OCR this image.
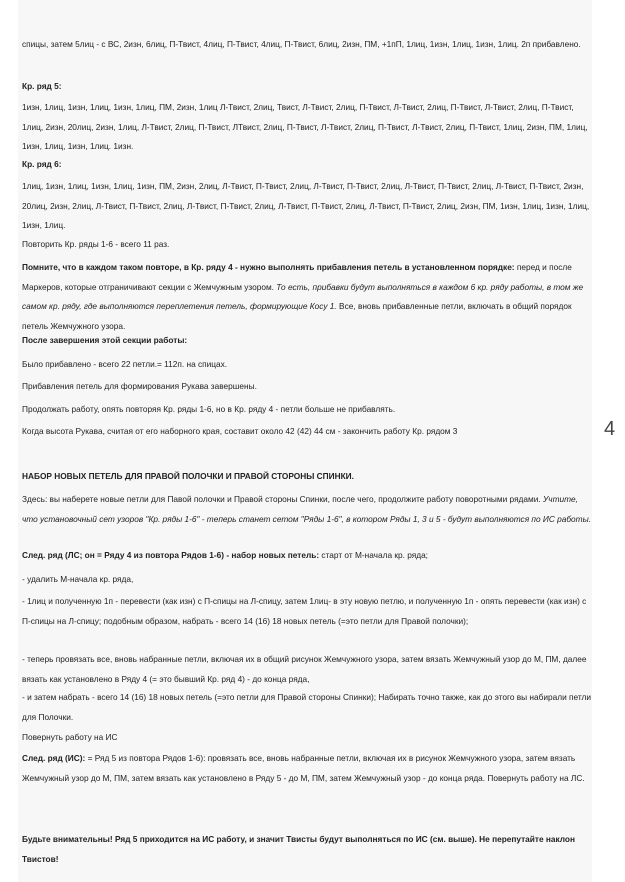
спицы, затем 5лиц - с ВС, 2изн, 6лиц, П-Твист, 4лиц, П-Твист, 4лиц, П-Твист, 6лиц, 2изн, ПМ, +1пП, 1лиц, 1изн, 1лиц, 1изн, 1лиц. 2п прибавлено.

Кр. ряд 5:

1изн, 1лиц, 1изн, 1лиц, 1изн, 1лиц, ПМ, 2изн, 1лиц Л-Твист, 2лиц, Твист, Л-Твист, 2лиц, П-Твист, Л-Твист, 2лиц, П-Твист, Л-Твист, 2лиц, П-Твист, 1лиц, 2изн, 20лиц, 2изн, 1лиц, Л-Твист, 2лиц, П-Твист, ЛТвист, 2лиц, П-Твист, Л-Твист, 2лиц, П-Твист, Л-Твист, 2лиц, П-Твист, 1лиц, 2изн, ПМ, 1лиц, 1изн, 1лиц, 1изн, 1лиц. 1изн.

Кр. ряд 6:

1лиц, 1изн, 1лиц, 1изн, 1лиц, 1изн, ПМ, 2изн, 2лиц, Л-Твист, П-Твист, 2лиц, Л-Твист, П-Твист, 2лиц, Л-Твист, П-Твист, 2лиц, Л-Твист, П-Твист, 2изн, 20лиц, 2изн, 2лиц, Л-Твист, П-Твист, 2лиц, Л-Твист, П-Твист, 2лиц, Л-Твист, П-Твист, 2лиц, Л-Твист, П-Твист, 2лиц, 2изн, ПМ, 1изн, 1лиц, 1изн, 1лиц, 1изн, 1лиц.

Повторить Кр. ряды 1-6 - всего 11 раз.

Помните, что в каждом таком повторе, в Кр. ряду 4 - нужно выполнять прибавления петель в установленном порядке: перед и после Маркеров, которые отграничивают секции с Жемчужным узором. То есть, прибавки будут выполняться в каждом 6 кр. ряду работы, в том же самом кр. ряду, где выполняются переплетения петель, формирующие Косу 1. Все, вновь прибавленные петли, включать в общий порядок петель Жемчужного узора.

После завершения этой секции работы:

Было прибавлено - всего 22 петли.= 112п. на спицах.

Прибавления петель для формирования Рукава завершены.

Продолжать работу, опять повторяя Кр. ряды 1-6, но в Кр. ряду 4 - петли больше не прибавлять.

Когда высота Рукава, считая от его наборного края, составит около 42 (42) 44 см - закончить работу Кр. рядом 3	4
НАБОР НОВЫХ ПЕТЕЛЬ ДЛЯ ПРАВОЙ ПОЛОЧКИ И ПРАВОЙ СТОРОНЫ СПИНКИ.

Здесь: вы наберете новые петли для Павой полочки и Правой стороны Спинки, после чего, продолжите работу поворотными рядами. Учтите, что установочный сет узоров "Кр. ряды 1-6" - теперь станет сетом "Ряды 1-6", в котором Ряды 1, 3 и 5 - будут выполняются по ИС работы.

След. ряд (ЛС; он = Ряду 4 из повтора Рядов 1-6) - набор новых петель: старт от М-начала кр. ряда;

- удалить М-начала кр. ряда,

- 1лиц и полученную 1п - перевести (как изн) с П-спицы на Л-спицу, затем 1лиц- в эту новую петлю, и полученную 1п - опять перевести (как изн) с П-спицы на Л-спицу; подобным образом, набрать - всего 14 (16) 18 новых петель (=это петли для Правой полочки);

- теперь провязать все, вновь набранные петли, включая их в общий рисунок Жемчужного узора, затем вязать Жемчужный узор до М, ПМ, далее вязать как установлено в Ряду 4 (= это бывший Кр. ряд 4) - до конца ряда,

- и затем набрать - всего 14 (16) 18 новых петель (=это петли для Правой стороны Спинки); Набирать точно также, как до этого вы набирали петли для Полочки.

Повернуть работу на ИС

След. ряд (ИС): = Ряд 5 из повтора Рядов 1-6): провязать все, вновь набранные петли, включая их в рисунок Жемчужного узора, затем вязать Жемчужный узор до М, ПМ, затем вязать как установлено в Ряду 5 - до М, ПМ, затем Жемчужный узор - до конца ряда. Повернуть работу на ЛС.

Будьте внимательны! Ряд 5 приходится на ИС работу, и значит Твисты будут выполняться по ИС (см. выше). Не перепутайте наклон Твистов!
